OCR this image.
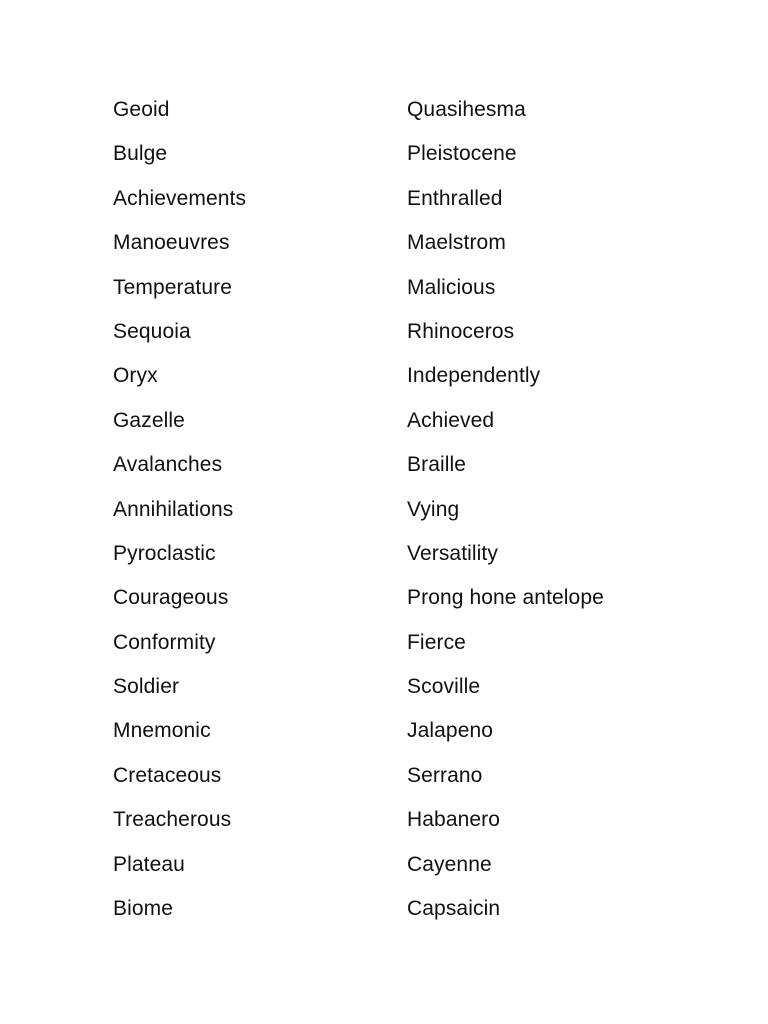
Geoid
Bulge
Achievements
Manoeuvres
Temperature
Sequoia
Oryx
Gazelle
Avalanches
Annihilations
Pyroclastic
Courageous
Conformity
Soldier
Mnemonic
Cretaceous
Treacherous
Plateau
Biome
Quasihesma
Pleistocene
Enthralled
Maelstrom
Malicious
Rhinoceros
Independently
Achieved
Braille
Vying
Versatility
Prong hone antelope
Fierce
Scoville
Jalapeno
Serrano
Habanero
Cayenne
Capsaicin
